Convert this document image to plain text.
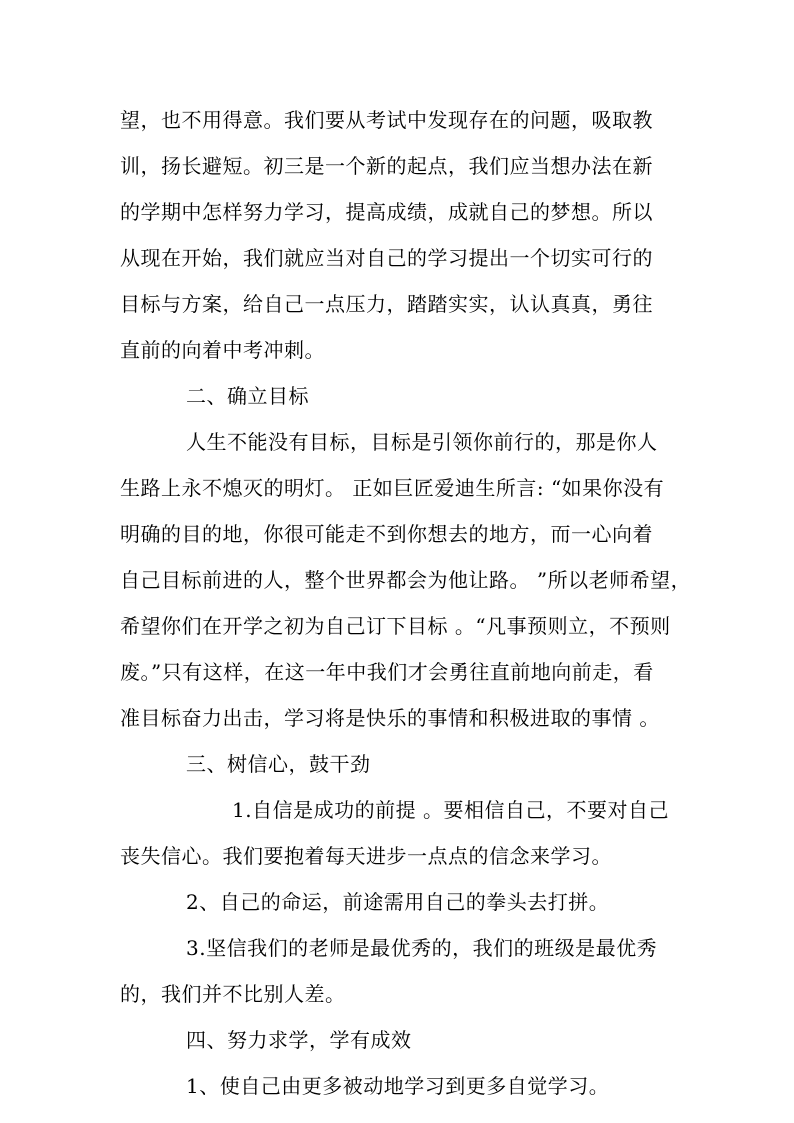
望，也不用得意。我们要从考试中发现存在的问题，吸取教
训，扬长避短。初三是一个新的起点，我们应当想办法在新
的学期中怎样努力学习，提高成绩，成就自己的梦想。所以
从现在开始，我们就应当对自己的学习提出一个切实可行的
目标与方案，给自己一点压力，踏踏实实，认认真真，勇往
直前的向着中考冲刺。
二、确立目标
人生不能没有目标，目标是引领你前行的，那是你人
生路上永不熄灭的明灯。 正如巨匠爱迪生所言: “如果你没有
明确的目的地，你很可能走不到你想去的地方，而一心向着
自己目标前进的人，整个世界都会为他让路。 ”所以老师希望，
希望你们在开学之初为自己订下目标 。“凡事预则立，不预则
废。”只有这样，在这一年中我们才会勇往直前地向前走，看
准目标奋力出击，学习将是快乐的事情和积极进取的事情 。
三、树信心，鼓干劲
1.自信是成功的前提 。要相信自己，不要对自己
丧失信心。我们要抱着每天进步一点点的信念来学习。
2、自己的命运，前途需用自己的拳头去打拼。
3.坚信我们的老师是最优秀的，我们的班级是最优秀
的，我们并不比别人差。
四、努力求学，学有成效
1、使自己由更多被动地学习到更多自觉学习。
